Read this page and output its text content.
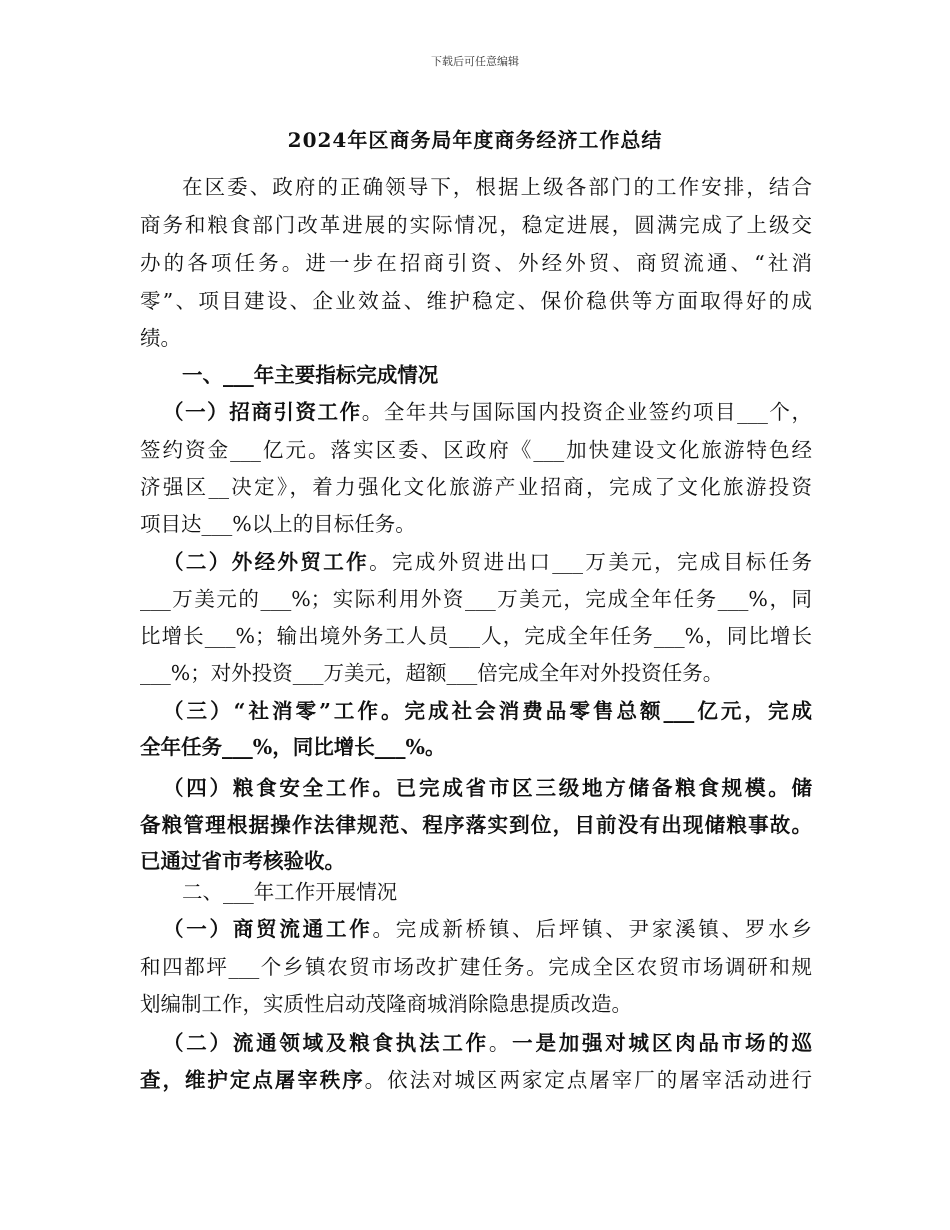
下载后可任意编辑
2024年区商务局年度商务经济工作总结
在区委、政府的正确领导下，根据上级各部门的工作安排，结合
商务和粮食部门改革进展的实际情况，稳定进展，圆满完成了上级交
办的各项任务。进一步在招商引资、外经外贸、商贸流通、“社消
零”、项目建设、企业效益、维护稳定、保价稳供等方面取得好的成
绩。
一、___年主要指标完成情况
（一）招商引资工作。全年共与国际国内投资企业签约项目___个，
签约资金___亿元。落实区委、区政府《___加快建设文化旅游特色经
济强区__决定》，着力强化文化旅游产业招商，完成了文化旅游投资
项目达___%以上的目标任务。
（二）外经外贸工作。完成外贸进出口___万美元，完成目标任务
___万美元的___%；实际利用外资___万美元，完成全年任务___%，同
比增长___%；输出境外务工人员___人，完成全年任务___%，同比增长
___%；对外投资___万美元，超额___倍完成全年对外投资任务。
（三）“社消零”工作。完成社会消费品零售总额___亿元，完成
全年任务___%，同比增长___%。
（四）粮食安全工作。已完成省市区三级地方储备粮食规模。储
备粮管理根据操作法律规范、程序落实到位，目前没有出现储粮事故。
已通过省市考核验收。
二、___年工作开展情况
（一）商贸流通工作。完成新桥镇、后坪镇、尹家溪镇、罗水乡
和四都坪___个乡镇农贸市场改扩建任务。完成全区农贸市场调研和规
划编制工作，实质性启动茂隆商城消除隐患提质改造。
（二）流通领域及粮食执法工作。一是加强对城区肉品市场的巡
查，维护定点屠宰秩序。依法对城区两家定点屠宰厂的屠宰活动进行
